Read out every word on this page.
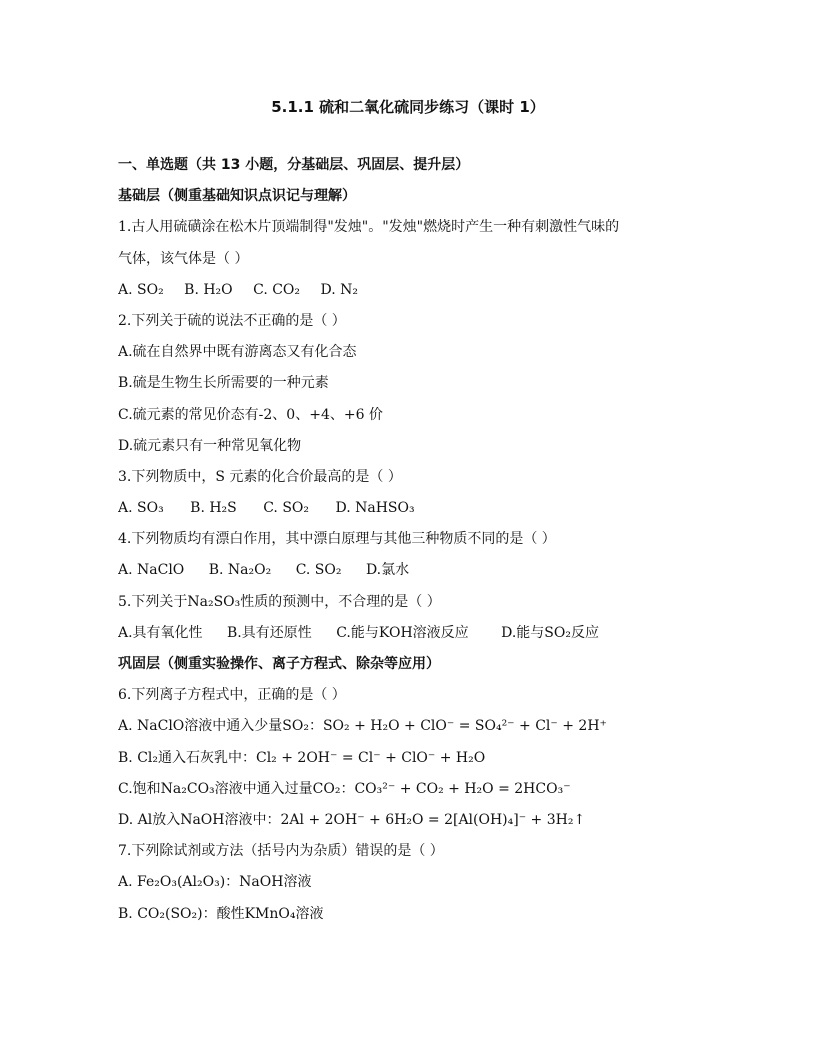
5.1.1 硫和二氧化硫同步练习（课时 1）
一、单选题（共 13 小题，分基础层、巩固层、提升层）
基础层（侧重基础知识点识记与理解）
1.古人用硫磺涂在松木片顶端制得"发烛"。"发烛"燃烧时产生一种有刺激性气味的
气体，该气体是（ ）
A. SO₂ B. H₂O C. CO₂ D. N₂
2.下列关于硫的说法不正确的是（ ）
A.硫在自然界中既有游离态又有化合态
B.硫是生物生长所需要的一种元素
C.硫元素的常见价态有-2、0、+4、+6 价
D.硫元素只有一种常见氧化物
3.下列物质中，S 元素的化合价最高的是（ ）
A. SO₃ B. H₂S C. SO₂ D. NaHSO₃
4.下列物质均有漂白作用，其中漂白原理与其他三种物质不同的是（ ）
A. NaClO B. Na₂O₂ C. SO₂ D.氯水
5.下列关于Na₂SO₃性质的预测中，不合理的是（ ）
A.具有氧化性 B.具有还原性 C.能与KOH溶液反应 D.能与SO₂反应
巩固层（侧重实验操作、离子方程式、除杂等应用）
6.下列离子方程式中，正确的是（ ）
A. NaClO溶液中通入少量SO₂：SO₂ + H₂O + ClO⁻ = SO₄²⁻ + Cl⁻ + 2H⁺
B. Cl₂通入石灰乳中：Cl₂ + 2OH⁻ = Cl⁻ + ClO⁻ + H₂O
C.饱和Na₂CO₃溶液中通入过量CO₂：CO₃²⁻ + CO₂ + H₂O = 2HCO₃⁻
D. Al放入NaOH溶液中：2Al + 2OH⁻ + 6H₂O = 2[Al(OH)₄]⁻ + 3H₂↑
7.下列除试剂或方法（括号内为杂质）错误的是（ ）
A. Fe₂O₃(Al₂O₃)：NaOH溶液
B. CO₂(SO₂)：酸性KMnO₄溶液
